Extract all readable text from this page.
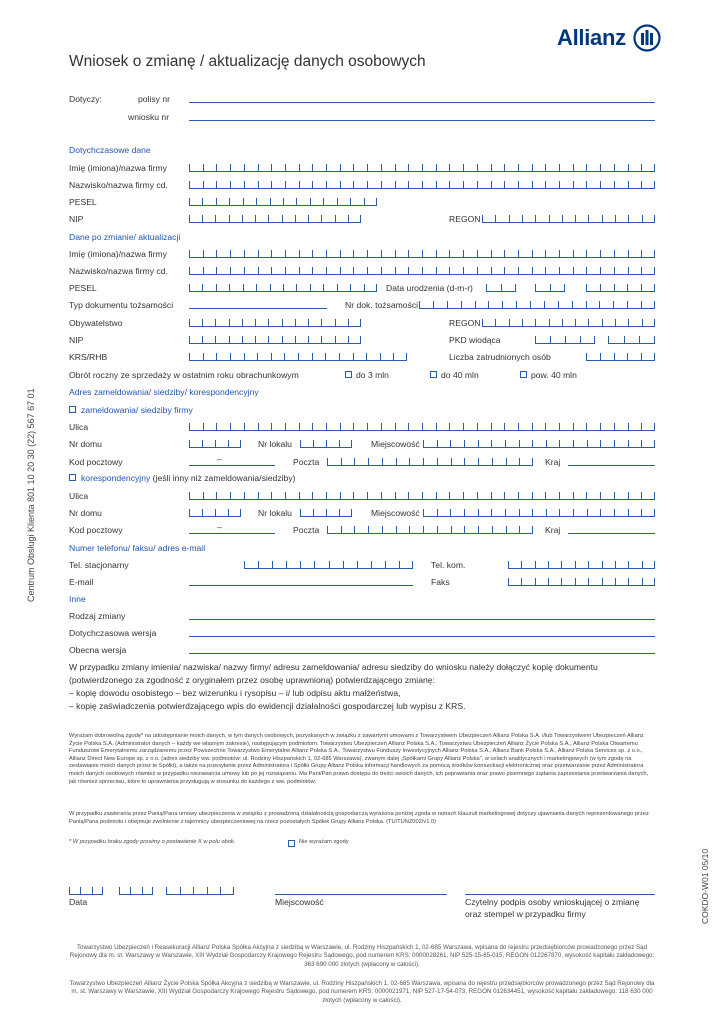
Allianz
Wniosek o zmianę / aktualizację danych osobowych
Dotyczy:	polisy nr
wniosku nr
Dotychczasowe dane
Imię (imiona)/nazwa firmy
Nazwisko/nazwa firmy cd.
PESEL
NIP	REGON
Dane po zmianie/ aktualizacji
Imię (imiona)/nazwa firmy
Nazwisko/nazwa firmy cd.
PESEL	Data urodzenia (d-m-r)
Typ dokumentu tożsamości	Nr dok. tożsamości
Obywatelstwo	REGON
NIP	PKD wiodąca
KRS/RHB	Liczba zatrudnionych osób
Obrót roczny ze sprzedaży w ostatnim roku obrachunkowym	do 3 mln	do 40 mln	pow. 40 mln
Adres zameldowania/ siedziby/ korespondencyjny
zameldowania/ siedziby firmy
Ulica
Nr domu	Nr lokalu	Miejscowość
Kod pocztowy	–	Poczta	Kraj
korespondencyjny (jeśli inny niż zameldowania/siedziby)
Ulica
Nr domu	Nr lokalu	Miejscowość
Kod pocztowy	–	Poczta	Kraj
Numer telefonu/ faksu/ adres e-mail
Tel. stacjonarny	Tel. kom.
E-mail	Faks
Inne
Rodzaj zmiany
Dotychczasowa wersja
Obecna wersja
W przypadku zmiany imienia/ nazwiska/ nazwy firmy/ adresu zameldowania/ adresu siedziby do wniosku należy dołączyć kopię dokumentu
(potwierdzonego za zgodność z oryginałem przez osobę uprawnioną) potwierdzającego zmianę:
– kopię dowodu osobistego – bez wizerunku i rysopisu – i/ lub odpisu aktu małżeństwa,
– kopię zaświadczenia potwierdzającego wpis do ewidencji działalności gospodarczej lub wypisu z KRS.
Wyrażam dobrowolną zgodę* na udostępnianie moich danych, w tym danych osobowych, pozyskanych w związku z zawartymi umowami z Towarzystwem Ubezpieczeń Allianz Polska S.A. i/lub Towarzystwem Ubezpieczeń Allianz Życie Polska S.A. (Administrator danych – każdy we własnym zakresie), następującym podmiotom: Towarzystwu Ubezpieczeń Allianz Polska S.A., Towarzystwu Ubezpieczeń Allianz Życie Polska S.A., Allianz Polska Otwartemu Funduszowi Emerytalnemu zarządzanemu przez Powszechne Towarzystwo Emerytalne Allianz Polska S.A., Towarzystwu Funduszy Inwestycyjnych Allianz Polska S.A., Allianz Bank Polska S.A., Allianz Polska Services sp. z o.o., Allianz Direct New Europe sp. z o.o. (adres siedziby ww. podmiotów: ul. Rodziny Hiszpańskich 1, 02-685 Warszawa), zwanym dalej „Spółkami Grupy Allianz Polska”, w celach analitycznych i marketingowych (w tym zgodę na zestawianie moich danych przez te Spółki), a także na przesyłanie przez Administratora i Spółki Grupy Allianz Polska informacji handlowych za pomocą środków komunikacji elektronicznej oraz przetwarzanie przez Administratora moich danych osobowych również w przypadku niezawarcia umowy lub po jej rozwiązaniu. Ma Pani/Pan prawo dostępu do treści swoich danych, ich poprawiania oraz prawo pisemnego żądania zaprzestania przetwarzania danych, jak również sprzeciwu, które to uprawnienia przysługują w stosunku do każdego z ww. podmiotów.
W przypadku zawierania przez Panią/Pana umowy ubezpieczenia w związku z prowadzoną działalnością gospodarczą wyrażona poniżej zgoda w ramach klauzuli marketingowej dotyczy ujawniania danych reprezentowanego przez Panią/Pana podmiotu i obejmuje zwolnienie z tajemnicy ubezpieczeniowej na rzecz pozostałych Spółek Grupy Allianz Polska. (TU/TUNZ002/v1.0)
* W przypadku braku zgody prosimy o postawienie X w polu obok.	Nie wyrażam zgody
Data	Miejscowość	Czytelny podpis osoby wnioskującej o zmianę
oraz stempel w przypadku firmy
Towarzystwo Ubezpieczeń i Reasekuracji Allianz Polska Spółka Akcyjna z siedzibą w Warszawie, ul. Rodziny Hiszpańskich 1, 02-685 Warszawa, wpisana do rejestru przedsiębiorców prowadzonego przez Sąd Rejonowy dla m. st. Warszawy w Warszawie, XIII Wydział Gospodarczy Krajowego Rejestru Sądowego, pod numerem KRS: 0000028261, NIP 525-15-65-015, REGON 012267870, wysokość kapitału zakładowego: 363 690 000 złotych (wpłacony w całości).
Towarzystwo Ubezpieczeń Allianz Życie Polska Spółka Akcyjna z siedzibą w Warszawie, ul. Rodziny Hiszpańskich 1, 02-685 Warszawa, wpisana do rejestru przedsiębiorców prowadzonego przez Sąd Rejonowy dla m. st. Warszawy w Warszawie, XIII Wydział Gospodarczy Krajowego Rejestru Sądowego, pod numerem KRS: 0000021971, NIP 527-17-54-073, REGON 012634451, wysokość kapitału zakładowego: 118 630 000 złotych (wpłacony w całości).
Centrum Obsługi Klienta 801 10 20 30 (22) 567 67 01
COKDO-W01 05/10
